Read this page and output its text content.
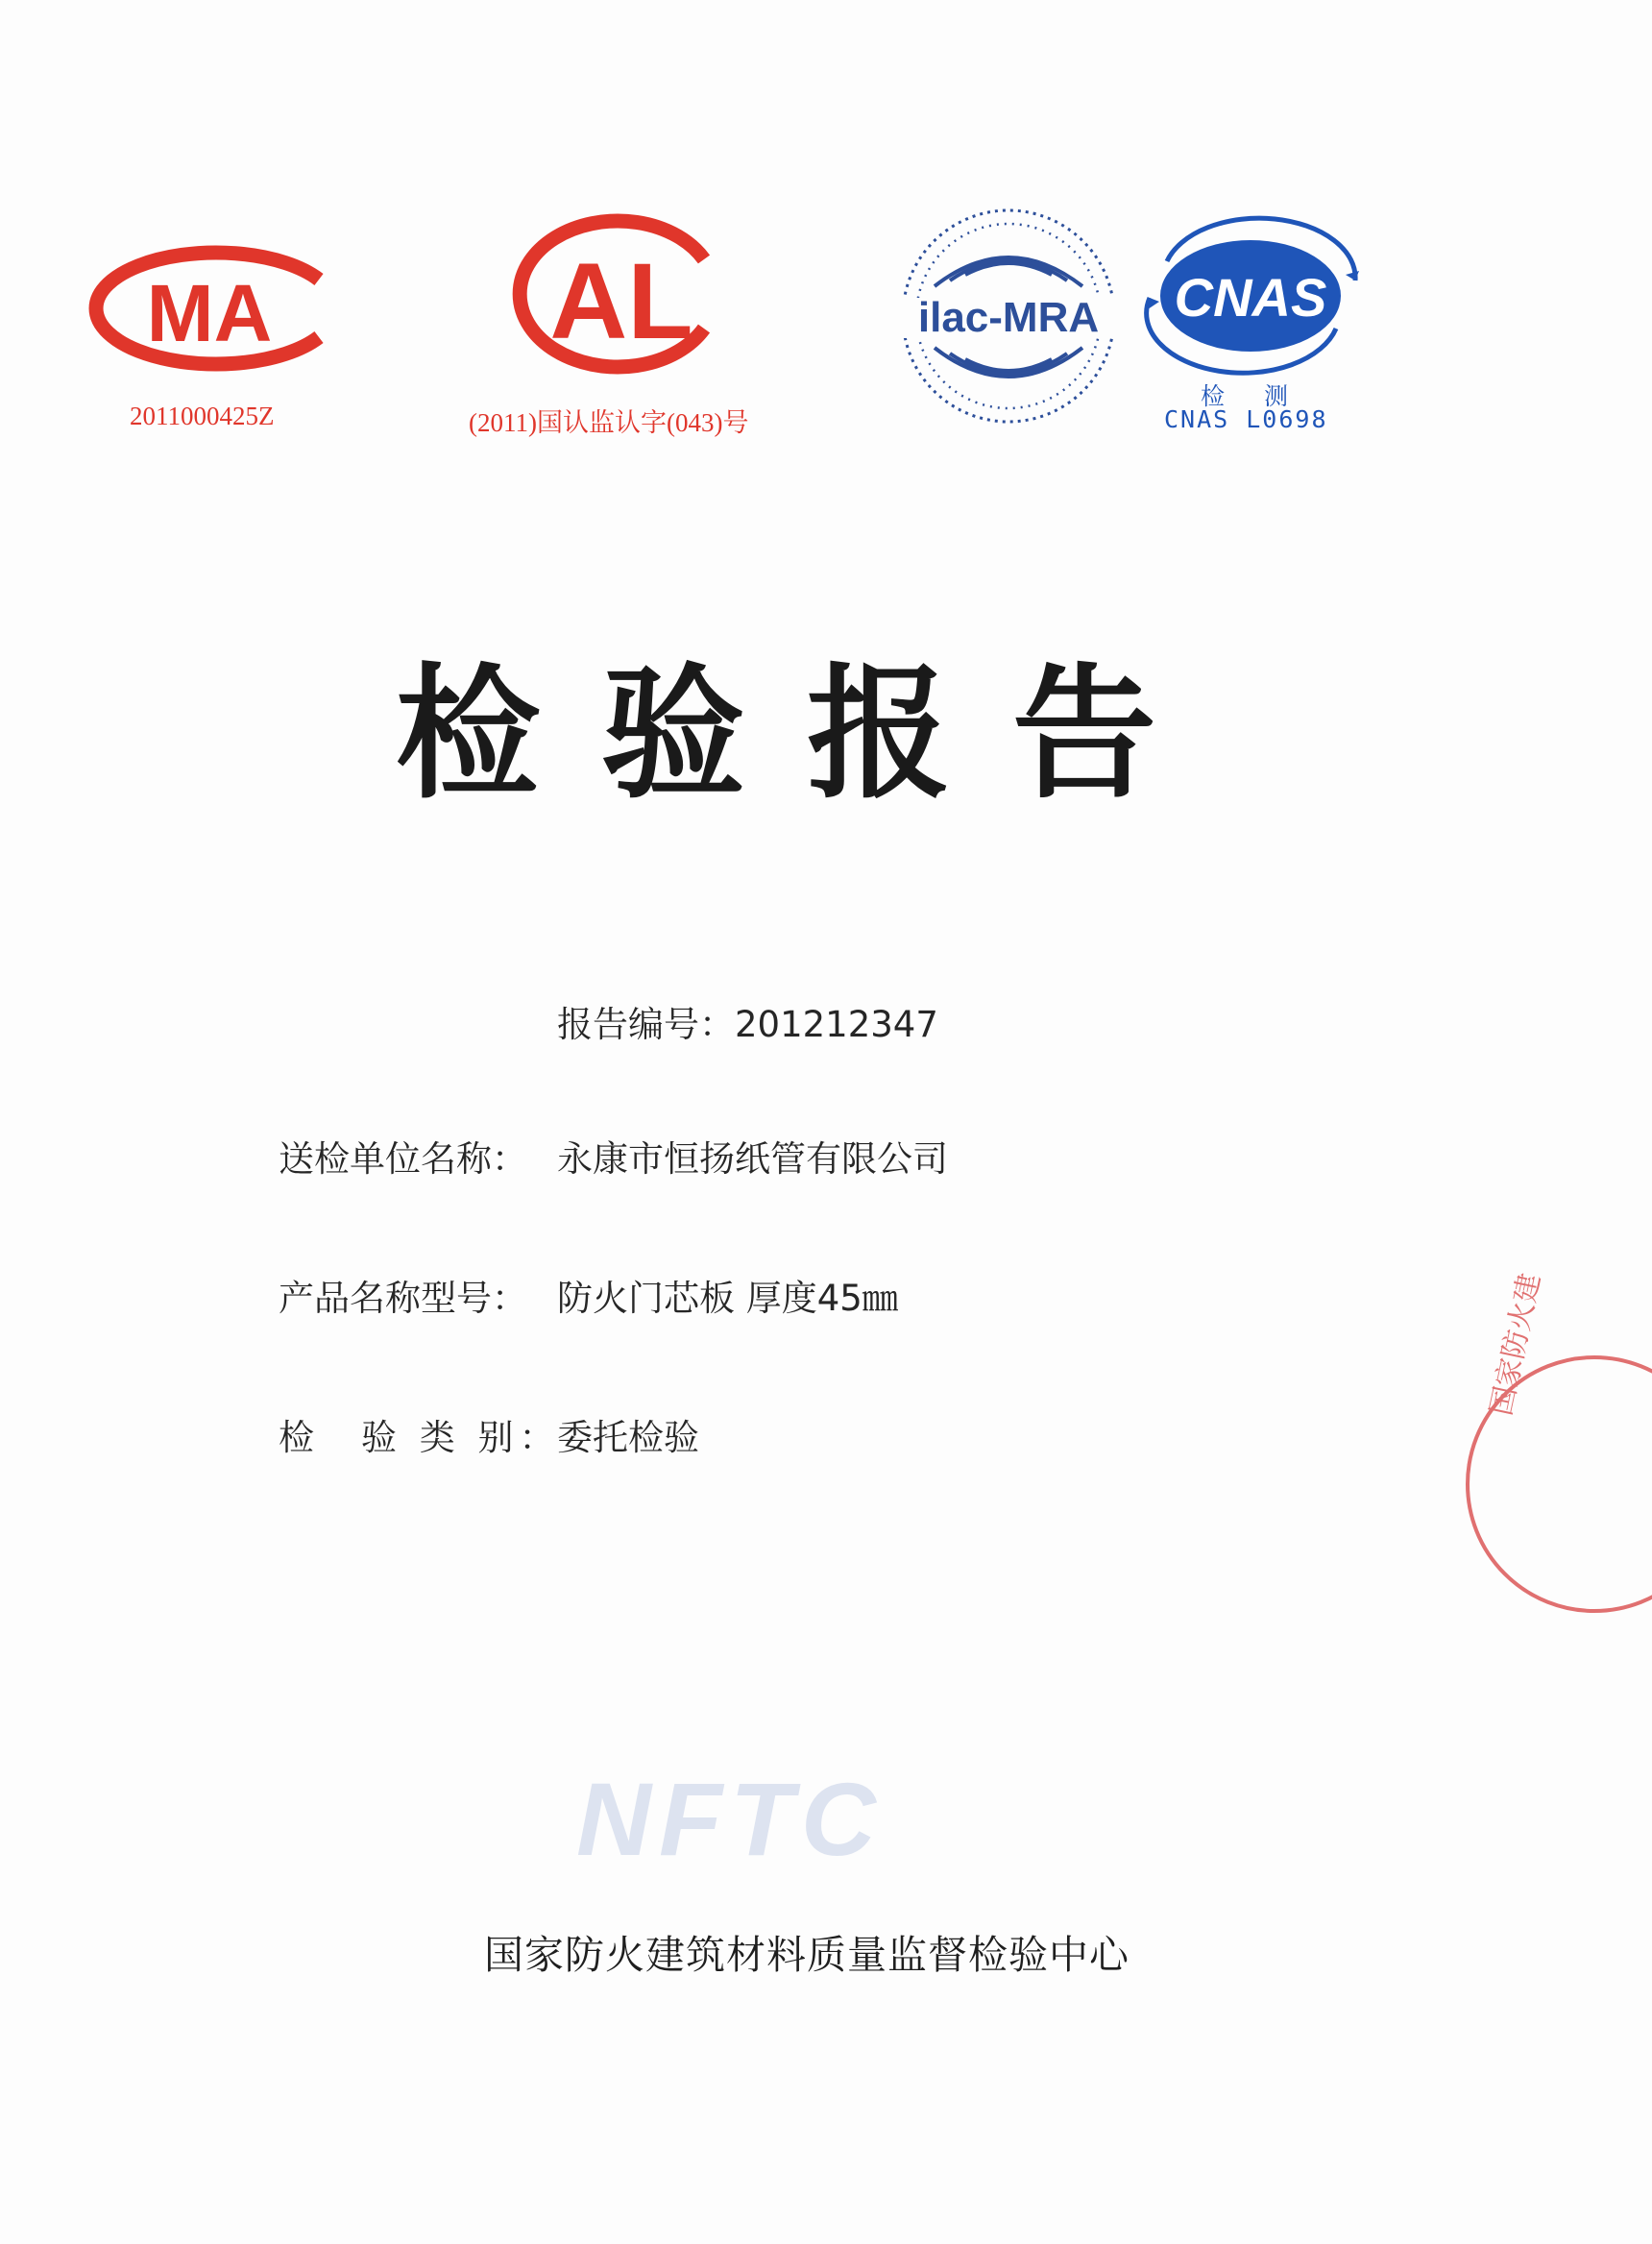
MA
2011000425Z
AL
(2011)国认监认字(043)号
ilac-MRA CNAS
检　测
CNAS L0698
检验报告
报告编号：201212347
送检单位名称： 永康市恒扬纸管有限公司
产品名称型号： 防火门芯板 厚度45㎜
检　验 类 别：委托检验
国家防火建
NFTC
国家防火建筑材料质量监督检验中心
